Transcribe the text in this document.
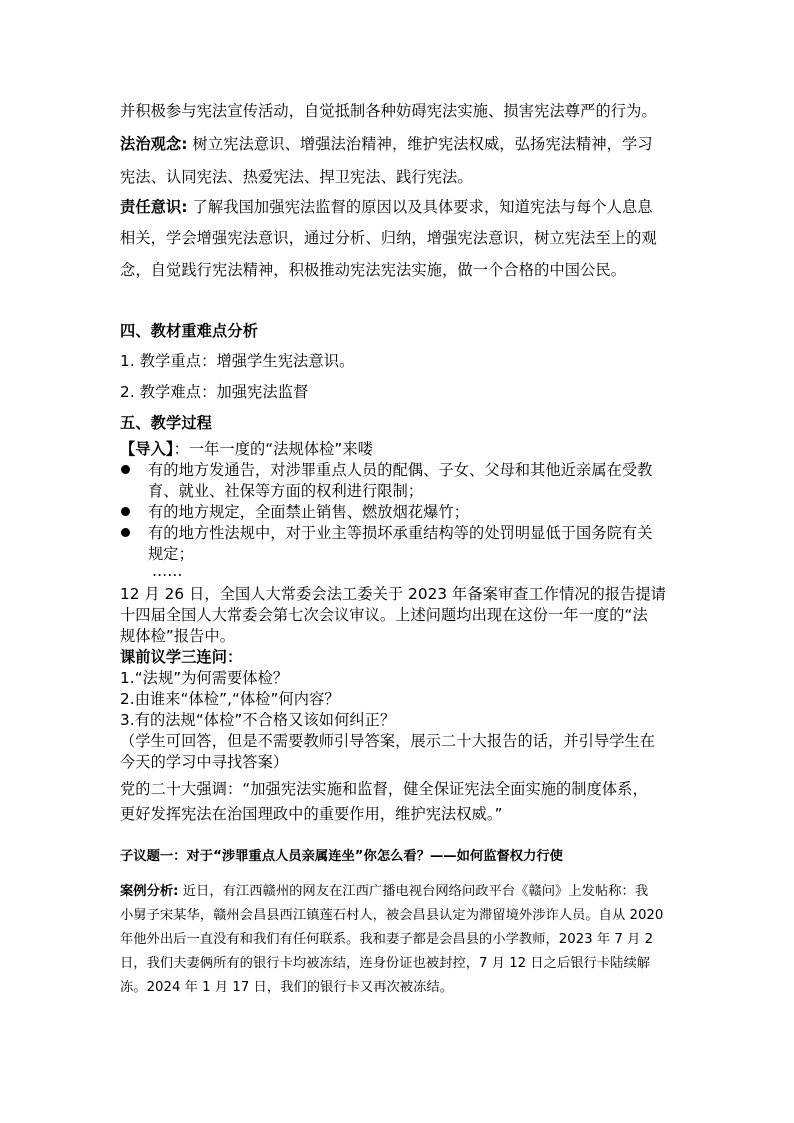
并积极参与宪法宣传活动，自觉抵制各种妨碍宪法实施、损害宪法尊严的行为。
法治观念: 树立宪法意识、增强法治精神，维护宪法权威，弘扬宪法精神，学习
宪法、认同宪法、热爱宪法、捍卫宪法、践行宪法。
责任意识: 了解我国加强宪法监督的原因以及具体要求，知道宪法与每个人息息
相关，学会增强宪法意识，通过分析、归纳，增强宪法意识，树立宪法至上的观
念，自觉践行宪法精神，积极推动宪法宪法实施，做一个合格的中国公民。
四、教材重难点分析
1. 教学重点：增强学生宪法意识。
2. 教学难点：加强宪法监督
五、教学过程
【导入】：一年一度的“法规体检”来喽
有的地方发通告，对涉罪重点人员的配偶、子女、父母和其他近亲属在受教
育、就业、社保等方面的权利进行限制；
有的地方规定，全面禁止销售、燃放烟花爆竹；
有的地方性法规中，对于业主等损坏承重结构等的处罚明显低于国务院有关
规定；
……
12 月 26 日，全国人大常委会法工委关于 2023 年备案审查工作情况的报告提请
十四届全国人大常委会第七次会议审议。上述问题均出现在这份一年一度的“法
规体检”报告中。
课前议学三连问：
1.“法规”为何需要体检？
2.由谁来“体检”,“体检”何内容？
3.有的法规“体检”不合格又该如何纠正？
（学生可回答，但是不需要教师引导答案，展示二十大报告的话，并引导学生在
今天的学习中寻找答案）
党的二十大强调：“加强宪法实施和监督，健全保证宪法全面实施的制度体系，
更好发挥宪法在治国理政中的重要作用，维护宪法权威。”
子议题一：对于“涉罪重点人员亲属连坐”你怎么看？——如何监督权力行使
案例分析: 近日，有江西赣州的网友在江西广播电视台网络问政平台《赣问》上发帖称：我
小舅子宋某华，赣州会昌县西江镇莲石村人，被会昌县认定为滞留境外涉诈人员。自从 2020
年他外出后一直没有和我们有任何联系。我和妻子都是会昌县的小学教师，2023 年 7 月 2
日，我们夫妻俩所有的银行卡均被冻结，连身份证也被封控，7 月 12 日之后银行卡陆续解
冻。2024 年 1 月 17 日，我们的银行卡又再次被冻结。
